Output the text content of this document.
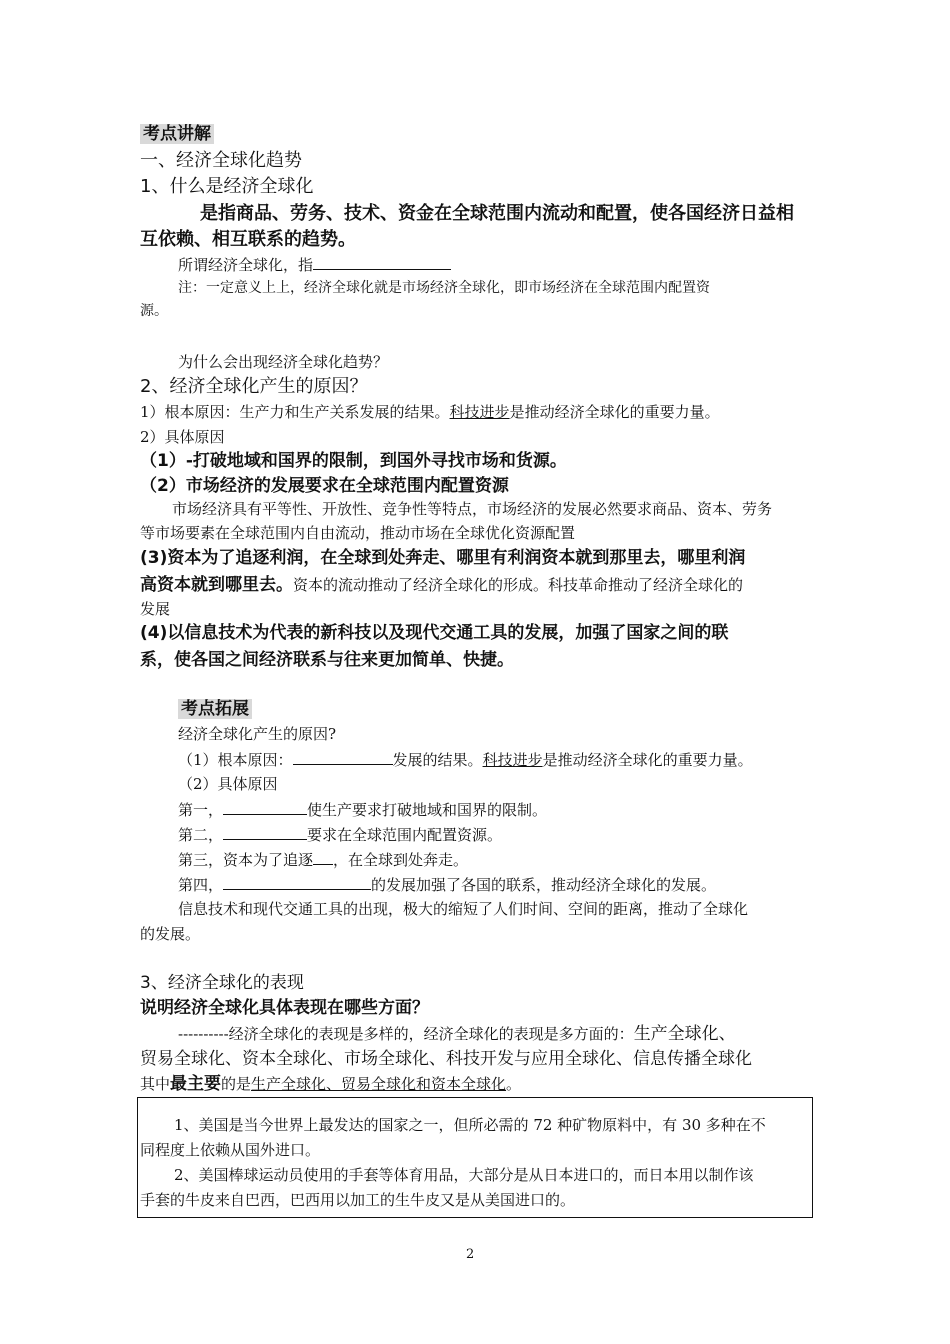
考点讲解
一、经济全球化趋势
1、什么是经济全球化
是指商品、劳务、技术、资金在全球范围内流动和配置，使各国经济日益相
互依赖、相互联系的趋势。
所谓经济全球化，指
注：一定意义上上，经济全球化就是市场经济全球化，即市场经济在全球范围内配置资
源。
为什么会出现经济全球化趋势？
2、经济全球化产生的原因？
1）根本原因：生产力和生产关系发展的结果。科技进步是推动经济全球化的重要力量。
2）具体原因
（1）-打破地域和国界的限制，到国外寻找市场和货源。
（2）市场经济的发展要求在全球范围内配置资源
市场经济具有平等性、开放性、竞争性等特点，市场经济的发展必然要求商品、资本、劳务
等市场要素在全球范围内自由流动，推动市场在全球优化资源配置
(3)资本为了追逐利润，在全球到处奔走、哪里有利润资本就到那里去，哪里利润
高资本就到哪里去。资本的流动推动了经济全球化的形成。科技革命推动了经济全球化的
发展
(4)以信息技术为代表的新科技以及现代交通工具的发展，加强了国家之间的联
系，使各国之间经济联系与往来更加简单、快捷。
考点拓展
经济全球化产生的原因?
（1）根本原因：	发展的结果。科技进步是推动经济全球化的重要力量。
（2）具体原因
第一，	使生产要求打破地域和国界的限制。
第二，	要求在全球范围内配置资源。
第三，资本为了追逐 ，在全球到处奔走。
第四，	的发展加强了各国的联系，推动经济全球化的发展。
信息技术和现代交通工具的出现，极大的缩短了人们时间、空间的距离，推动了全球化
的发展。
3、经济全球化的表现
说明经济全球化具体表现在哪些方面？
----------经济全球化的表现是多样的，经济全球化的表现是多方面的：生产全球化、
贸易全球化、资本全球化、市场全球化、科技开发与应用全球化、信息传播全球化
其中最主要的是生产全球化、贸易全球化和资本全球化。
1、美国是当今世界上最发达的国家之一，但所必需的 72 种矿物原料中，有 30 多种在不
同程度上依赖从国外进口。
2、美国棒球运动员使用的手套等体育用品，大部分是从日本进口的，而日本用以制作该
手套的牛皮来自巴西，巴西用以加工的生牛皮又是从美国进口的。
2
